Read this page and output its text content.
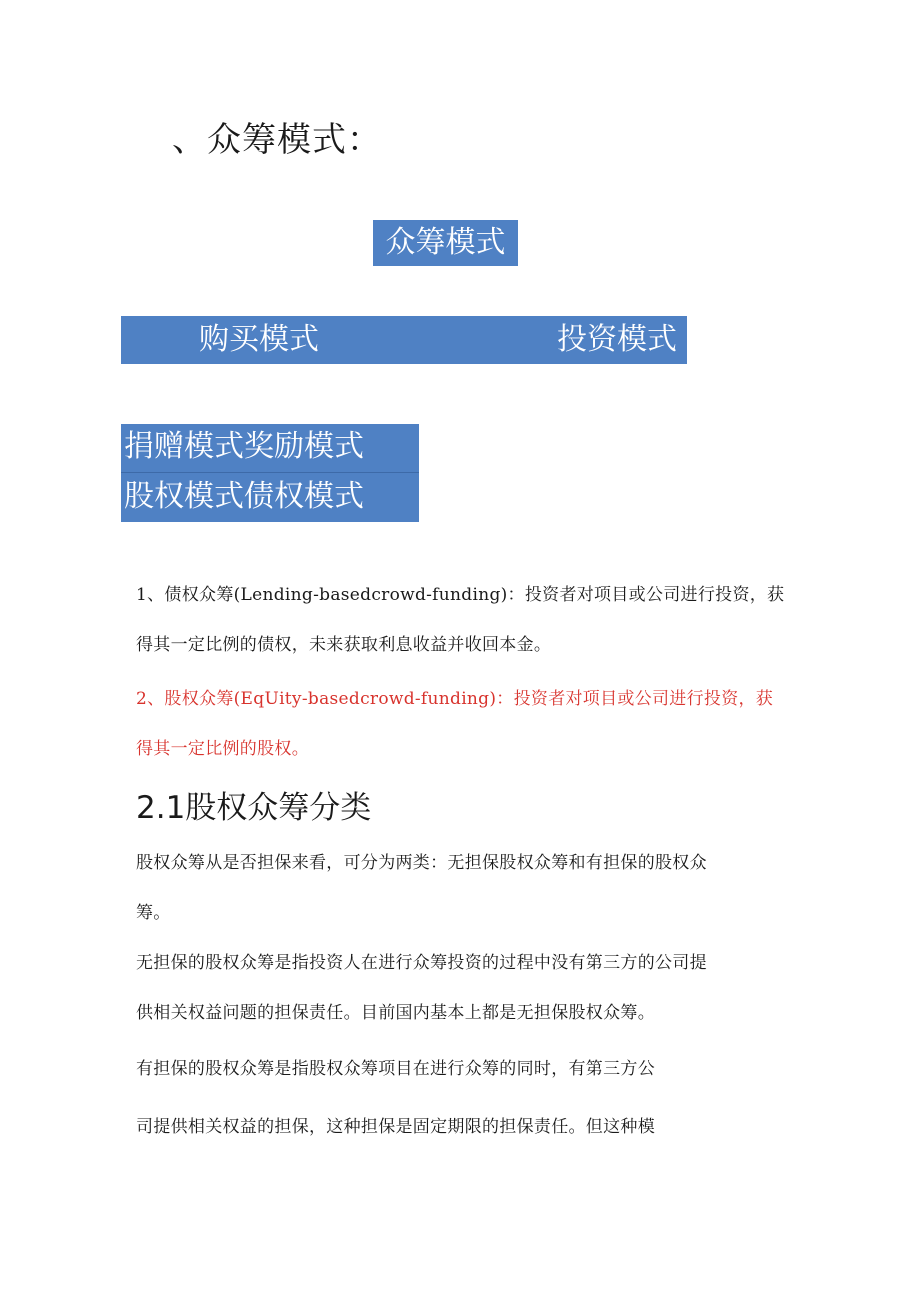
、众筹模式：
众筹模式
购买模式	投资模式
捐赠模式奖励模式
股权模式债权模式
1、债权众筹(Lending-basedcrowd-funding)：投资者对项目或公司进行投资，获
得其一定比例的债权，未来获取利息收益并收回本金。
2、股权众筹(EqUity-basedcrowd-funding)：投资者对项目或公司进行投资，获
得其一定比例的股权。
2.1股权众筹分类
股权众筹从是否担保来看，可分为两类：无担保股权众筹和有担保的股权众
筹。
无担保的股权众筹是指投资人在进行众筹投资的过程中没有第三方的公司提
供相关权益问题的担保责任。目前国内基本上都是无担保股权众筹。
有担保的股权众筹是指股权众筹项目在进行众筹的同时，有第三方公
司提供相关权益的担保，这种担保是固定期限的担保责任。但这种模
